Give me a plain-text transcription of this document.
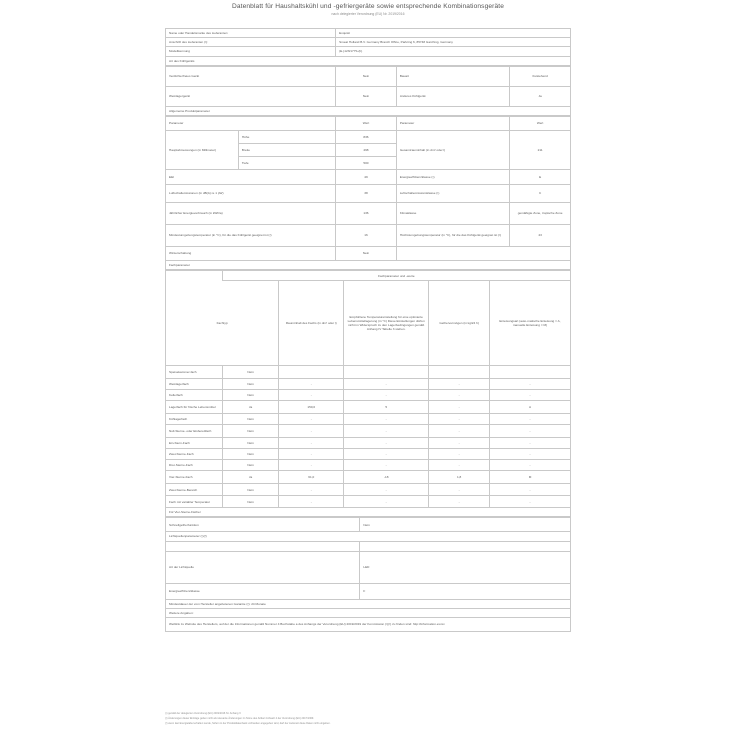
Datenblatt für Haushaltskühl und -gefriergeräte sowie entsprechende Kombinationsgeräte
nach delegierter Verordnung (EU) Nr. 2019/2016
Name oder Handelsmarke des Lieferanten:	Exquisit
Anschrift des Lieferanten (²):	Smeat Holland B.V. Germany Branch Office, Parkring 6, 85748 Garching, Germany
Modellkennung	(E-)123/177S-(b)
Art des Kühlgeräts	
Verdichterfreies Gerät	Nein	Bauart	freistehend
Weinlagergerät	Nein	Anderes Kühlgerät	Ja
Allgemeine Produktparameter			
Parameter		Wert	Parameter	Wert
Hauptabmessungen (in Millimeter)	Höhe	836	Gesamtrauminhalt (in dm³ oder l)	211
	Breite	498		
	Tiefe	500		
EEI		49	Energieeffizienzklasse (¹)	E
Luftschallemissionen (in dB(A) re 1 pW)		38	Luftschallemissionsklasse (¹)	C
Jährlicher Energieverbrauch (in kWh/a)		136	Klimaklasse	gemäßigte Zone, tropische Zone
Mindestumgebungstemperatur (in °C), für die das Kühlgerät geeignet ist (²)		16	Höchstumgebungstemperatur (in °C), für die das Kühlgerät geeignet ist (²)	43
Winterschaltung		Nein		
Fachparameter				
	Fachparameter und -werte				
Fachtyp		Rauminhalt des Fachs (in dm³ oder l)	Empfohlene Temperatureinstellung für eine optimierte Lebensmittellagerung (in °C) Diese Einstellungen dürfen nicht im Widerspruch zu den Lagerbedingungen gemäß Anhang IV Tabelle 3 stehen.	Gefriervermögen (in kg/24 h)	Enteisungsart (auto-matische Enteisung = A, manuelle Enteisung = M)
Speisekammer-fach	Nein				
Weinlagerfach	Nein	-	-	-	-
Kellerfach	Nein	-	-	-	-
Lagerfach für frische Lebensmittel	Ja	150,0	5	-	A
Kühlagerfach	Nein	-	-	-	-
Null-Sterne- oder Eisbereitfach	Nein	-	-	-	-
Ein-Stern-Fach	Nein	-	-	-	-
Zwei-Sterne-Fach	Nein	-	-	-	-
Drei-Sterne-Fach	Nein	-	-	-	-
Vier-Sterne-Fach	Ja	61,0	-18	1,8	M
Zwei-Sterne-Bereich	Nein	-	-	-	-
Fach mit variabler Temperatur	Nein	-	-	-	-
Für Vier-Sterne-Fächer					
Schnellgefrierfunktion	Nein
Lichtquellenparameter (¹)(³)	

Art der Lichtquelle	LED
Energieeffizienzklasse	F
Mindestdauer der vom Hersteller angebotenen Garantie (²): 24 Monate	
Weitere Angaben:	
Weblink zu Website des Herstellers, auf der die Informationen gemäß Nummer 4 Buchstabe a des Anhangs der Verordnung (EU) 2019/2019 der Kommission (¹)(²) zu finden sind: http://information.exxxx	
(¹) gemäß der delegierten Verordnung (EU) 2019/2016 Nr. Anhang V.
(²) Änderungen dieser Einträge gelten nicht als relevante Änderungen im Sinne des Artikel 4 Absatz 4 der Verordnung (EU) 2017/1369.
(³) wenn laut Energielabel erhalten wurde, Sofern in der Produktdatenbank vorhanden angegeben wird, darf der Lieferant diese Daten nicht eingeben.
